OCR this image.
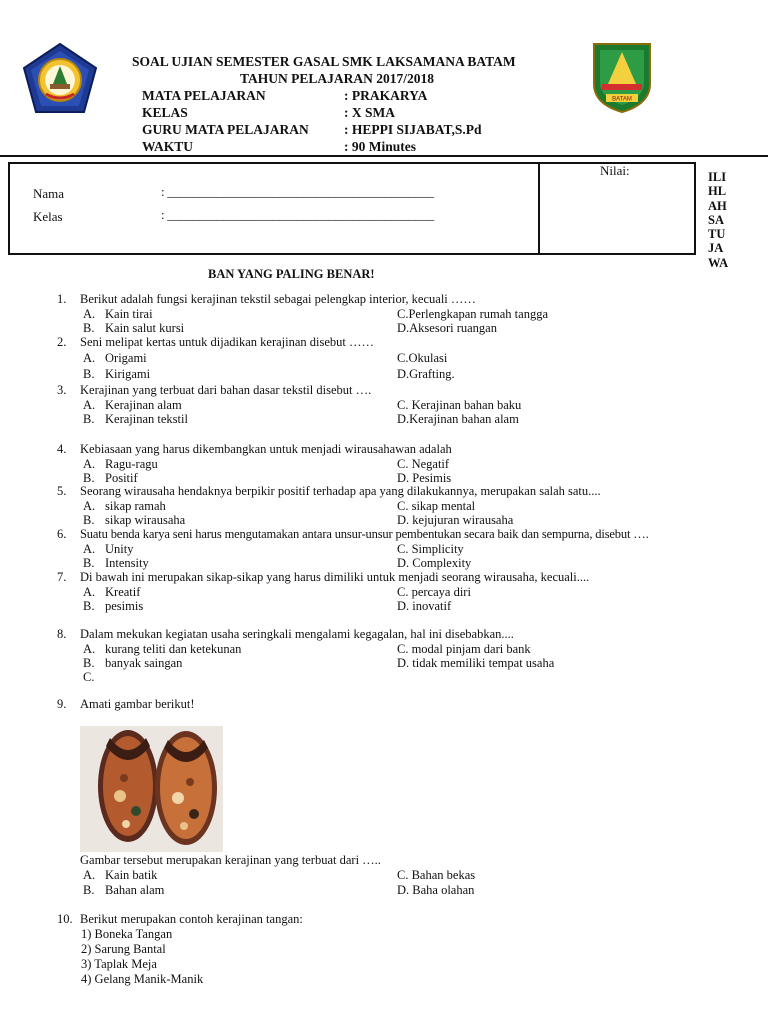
BATAM
SOAL UJIAN SEMESTER GASAL SMK LAKSAMANA BATAM
TAHUN PELAJARAN 2017/2018
MATA PELAJARAN	: PRAKARYA
KELAS	: X SMA
GURU MATA PELAJARAN	: HEPPI SIJABAT,S.Pd
WAKTU	: 90 Minutes
Nama	: ___________________________________________
Kelas	: ___________________________________________
Nilai:	ILI
HL
AH
SA
TU
JA
WA
BAN YANG PALING BENAR!
1. Berikut adalah fungsi kerajinan tekstil sebagai pelengkap interior, kecuali ……
A. Kain tirai	C.Perlengkapan rumah tangga
B. Kain salut kursi	D.Aksesori ruangan
2. Seni melipat kertas untuk dijadikan kerajinan disebut ……
A. Origami	C.Okulasi
B. Kirigami	D.Grafting.
3. Kerajinan yang terbuat dari bahan dasar tekstil disebut ….
A. Kerajinan alam	C. Kerajinan bahan baku
B. Kerajinan tekstil	D.Kerajinan bahan alam
4. Kebiasaan yang harus dikembangkan untuk menjadi wirausahawan adalah
A. Ragu-ragu	C. Negatif
B. Positif	D. Pesimis
5. Seorang wirausaha hendaknya berpikir positif terhadap apa yang dilakukannya, merupakan salah satu....
A. sikap ramah	C. sikap mental
B. sikap wirausaha	D. kejujuran wirausaha
6. Suatu benda karya seni harus mengutamakan antara unsur-unsur pembentukan secara baik dan sempurna, disebut ….
A. Unity	C. Simplicity
B. Intensity	D. Complexity
7. Di bawah ini merupakan sikap-sikap yang harus dimiliki untuk menjadi seorang wirausaha, kecuali....
A. Kreatif	C. percaya diri
B. pesimis	D. inovatif
8. Dalam mekukan kegiatan usaha seringkali mengalami kegagalan, hal ini disebabkan....
A. kurang teliti dan ketekunan	C. modal pinjam dari bank
B. banyak saingan	D. tidak memiliki tempat usaha
C.
9. Amati gambar berikut!
Gambar tersebut merupakan kerajinan yang terbuat dari …..
A. Kain batik	C. Bahan bekas
B. Bahan alam	D. Baha olahan
10. Berikut merupakan contoh kerajinan tangan:
1) Boneka Tangan
2) Sarung Bantal
3) Taplak Meja
4) Gelang Manik-Manik
